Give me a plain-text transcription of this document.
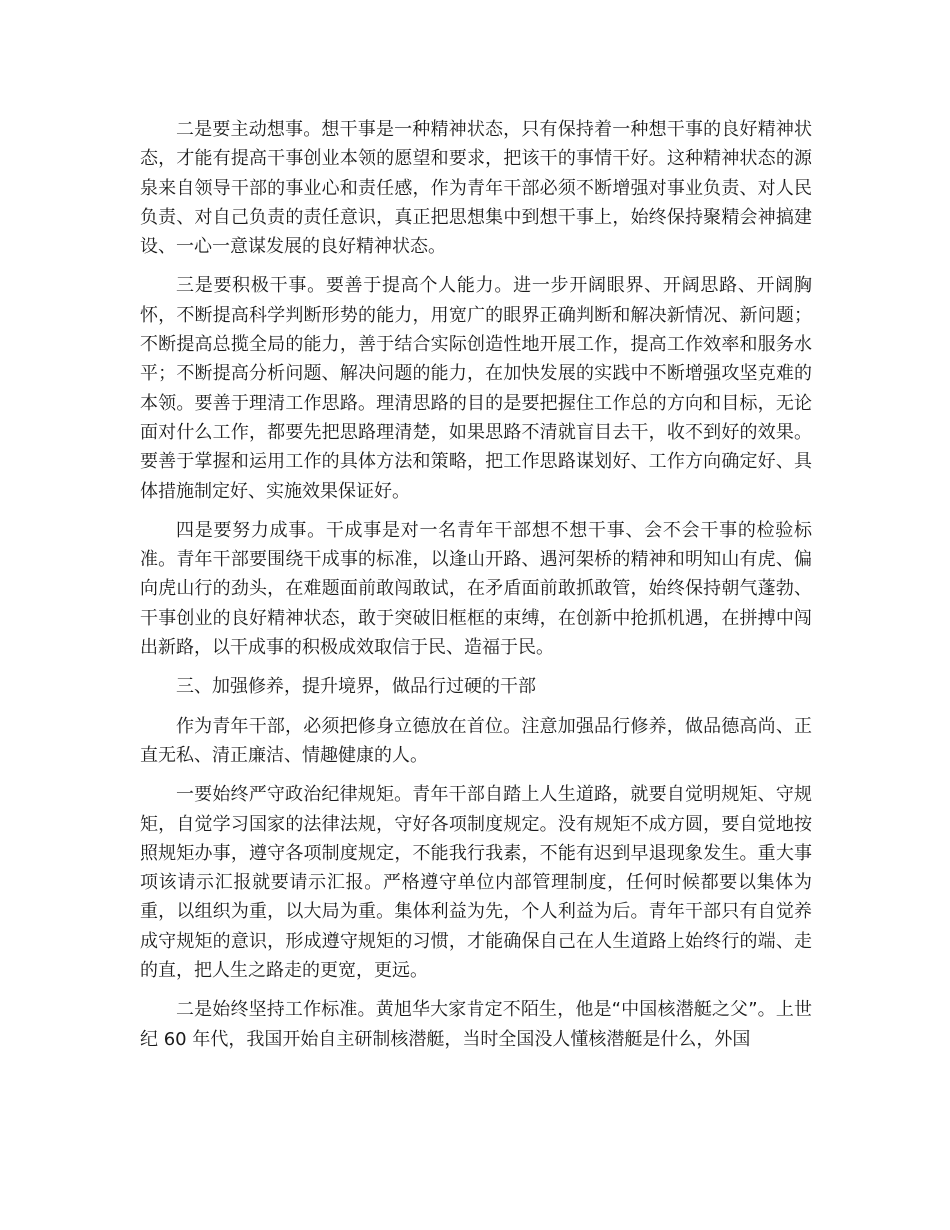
二是要主动想事。想干事是一种精神状态，只有保持着一种想干事的良好精神状态，才能有提高干事创业本领的愿望和要求，把该干的事情干好。这种精神状态的源泉来自领导干部的事业心和责任感，作为青年干部必须不断增强对事业负责、对人民负责、对自己负责的责任意识，真正把思想集中到想干事上，始终保持聚精会神搞建设、一心一意谋发展的良好精神状态。

三是要积极干事。要善于提高个人能力。进一步开阔眼界、开阔思路、开阔胸怀，不断提高科学判断形势的能力，用宽广的眼界正确判断和解决新情况、新问题；不断提高总揽全局的能力，善于结合实际创造性地开展工作，提高工作效率和服务水平；不断提高分析问题、解决问题的能力，在加快发展的实践中不断增强攻坚克难的本领。要善于理清工作思路。理清思路的目的是要把握住工作总的方向和目标，无论面对什么工作，都要先把思路理清楚，如果思路不清就盲目去干，收不到好的效果。要善于掌握和运用工作的具体方法和策略，把工作思路谋划好、工作方向确定好、具体措施制定好、实施效果保证好。

四是要努力成事。干成事是对一名青年干部想不想干事、会不会干事的检验标准。青年干部要围绕干成事的标准，以逢山开路、遇河架桥的精神和明知山有虎、偏向虎山行的劲头，在难题面前敢闯敢试，在矛盾面前敢抓敢管，始终保持朝气蓬勃、干事创业的良好精神状态，敢于突破旧框框的束缚，在创新中抢抓机遇，在拼搏中闯出新路，以干成事的积极成效取信于民、造福于民。

三、加强修养，提升境界，做品行过硬的干部

作为青年干部，必须把修身立德放在首位。注意加强品行修养，做品德高尚、正直无私、清正廉洁、情趣健康的人。

一要始终严守政治纪律规矩。青年干部自踏上人生道路，就要自觉明规矩、守规矩，自觉学习国家的法律法规，守好各项制度规定。没有规矩不成方圆，要自觉地按照规矩办事，遵守各项制度规定，不能我行我素，不能有迟到早退现象发生。重大事项该请示汇报就要请示汇报。严格遵守单位内部管理制度，任何时候都要以集体为重，以组织为重，以大局为重。集体利益为先，个人利益为后。青年干部只有自觉养成守规矩的意识，形成遵守规矩的习惯，才能确保自己在人生道路上始终行的端、走的直，把人生之路走的更宽，更远。

二是始终坚持工作标准。黄旭华大家肯定不陌生，他是“中国核潜艇之父”。上世纪 60 年代，我国开始自主研制核潜艇，当时全国没人懂核潜艇是什么，外国
